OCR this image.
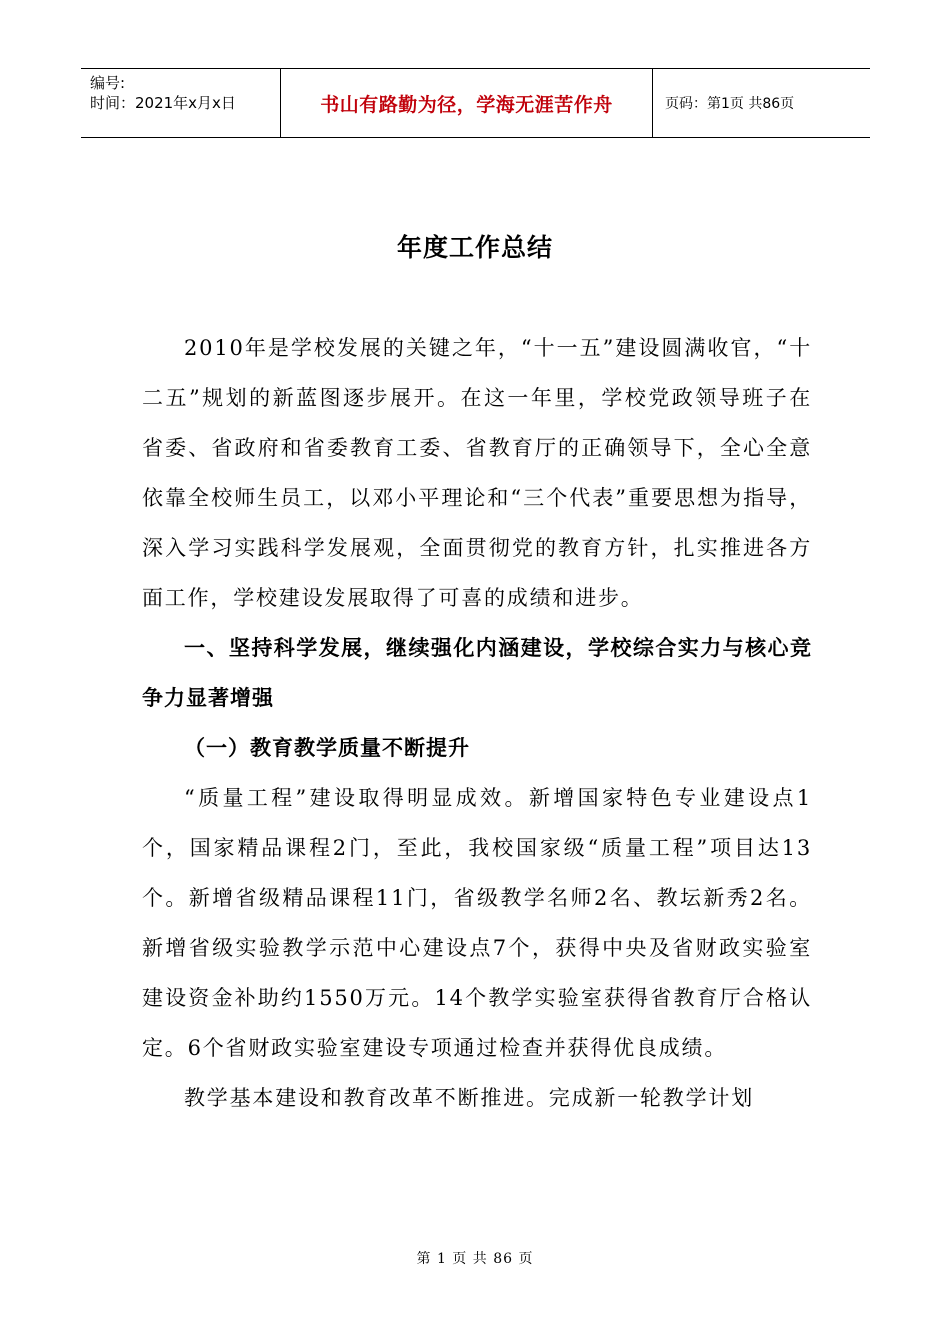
编号:
时间：2021年x月x日	书山有路勤为径，学海无涯苦作舟	页码：第1页 共86页
年度工作总结

2010年是学校发展的关键之年，“十一五”建设圆满收官，“十二五”规划的新蓝图逐步展开。在这一年里，学校党政领导班子在省委、省政府和省委教育工委、省教育厅的正确领导下，全心全意依靠全校师生员工，以邓小平理论和“三个代表”重要思想为指导，深入学习实践科学发展观，全面贯彻党的教育方针，扎实推进各方面工作，学校建设发展取得了可喜的成绩和进步。

一、坚持科学发展，继续强化内涵建设，学校综合实力与核心竞争力显著增强

（一）教育教学质量不断提升

“质量工程”建设取得明显成效。新增国家特色专业建设点1个，国家精品课程2门，至此，我校国家级“质量工程”项目达13个。新增省级精品课程11门，省级教学名师2名、教坛新秀2名。新增省级实验教学示范中心建设点7个，获得中央及省财政实验室建设资金补助约1550万元。14个教学实验室获得省教育厅合格认定。6个省财政实验室建设专项通过检查并获得优良成绩。

教学基本建设和教育改革不断推进。完成新一轮教学计划

第 1 页 共 86 页
